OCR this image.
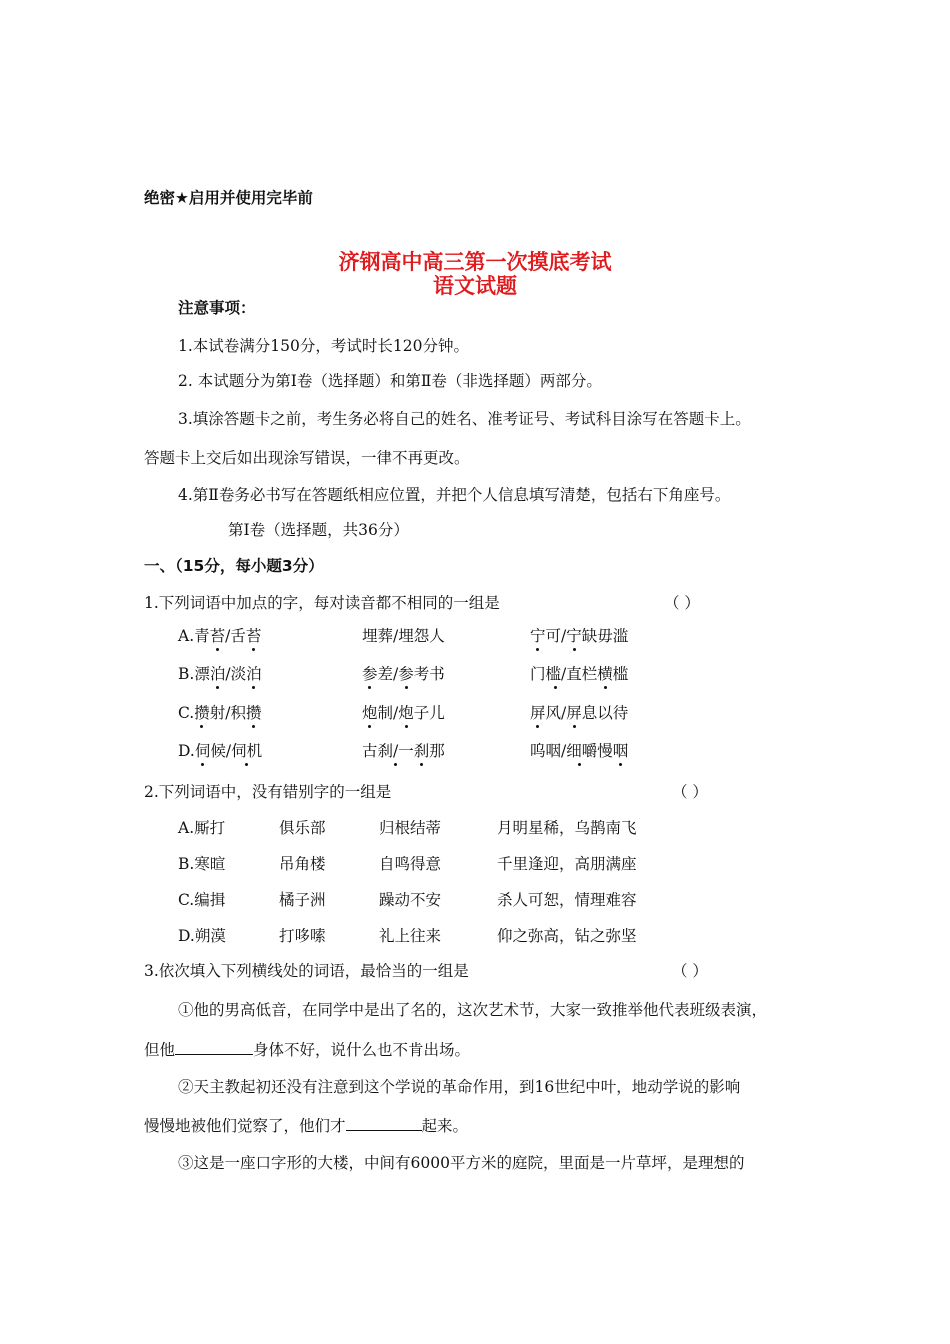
绝密★启用并使用完毕前
济钢高中高三第一次摸底考试
语文试题
注意事项：
1.本试卷满分150分，考试时长120分钟。
2. 本试题分为第Ⅰ卷（选择题）和第Ⅱ卷（非选择题）两部分。
3.填涂答题卡之前，考生务必将自己的姓名、准考证号、考试科目涂写在答题卡上。
答题卡上交后如出现涂写错误，一律不再更改。
4.第Ⅱ卷务必书写在答题纸相应位置，并把个人信息填写清楚，包括右下角座号。
第Ⅰ卷（选择题，共36分）
一、（15分，每小题3分）
1.下列词语中加点的字，每对读音都不相同的一组是	（ ）
A.青苔/舌苔	埋葬/埋怨人	宁可/宁缺毋滥
B.漂泊/淡泊	参差/参考书	门槛/直栏横槛
C.攒射/积攒	炮制/炮子儿	屏风/屏息以待
D.伺候/伺机	古刹/一刹那	呜咽/细嚼慢咽
2.下列词语中，没有错别字的一组是	（ ）
A.厮打	俱乐部	归根结蒂	月明星稀，乌鹊南飞
B.寒暄	吊角楼	自鸣得意	千里逢迎，高朋满座
C.编揖	橘子洲	躁动不安	杀人可恕，情理难容
D.朔漠	打哆嗦	礼上往来	仰之弥高，钻之弥坚
3.依次填入下列横线处的词语，最恰当的一组是	（ ）
①他的男高低音，在同学中是出了名的，这次艺术节，大家一致推举他代表班级表演，
但他	身体不好，说什么也不肯出场。
②天主教起初还没有注意到这个学说的革命作用，到16世纪中叶，地动学说的影响
慢慢地被他们觉察了，他们才	起来。
③这是一座口字形的大楼，中间有6000平方米的庭院，里面是一片草坪，是理想的
